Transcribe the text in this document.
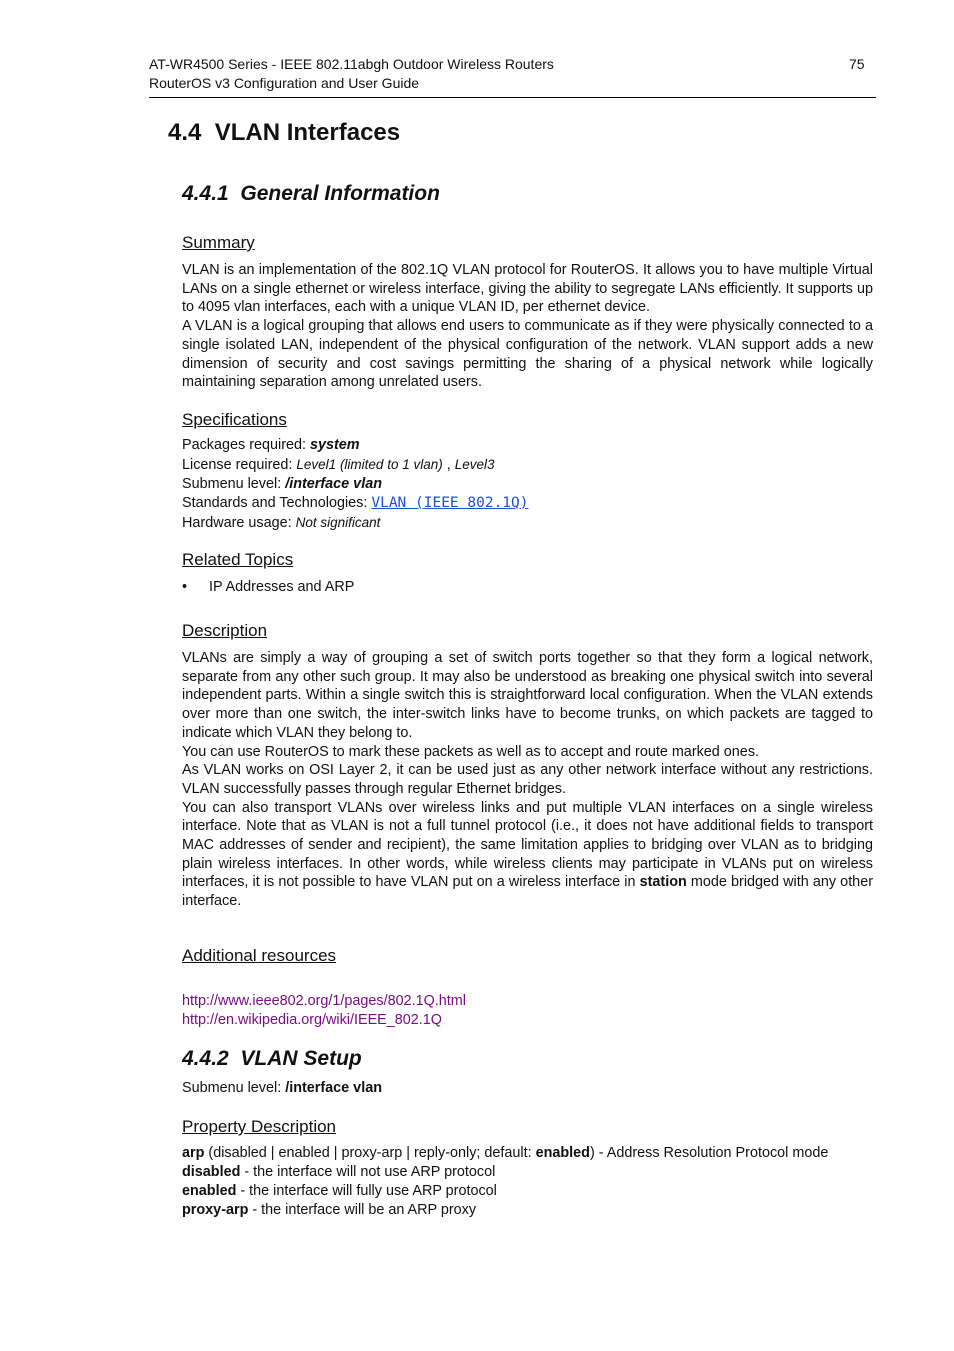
AT-WR4500 Series - IEEE 802.11abgh Outdoor Wireless Routers
RouterOS v3 Configuration and User Guide
75
4.4 VLAN Interfaces
4.4.1 General Information
Summary

VLAN is an implementation of the 802.1Q VLAN protocol for RouterOS. It allows you to have multiple Virtual LANs on a single ethernet or wireless interface, giving the ability to segregate LANs efficiently. It supports up to 4095 vlan interfaces, each with a unique VLAN ID, per ethernet device.

A VLAN is a logical grouping that allows end users to communicate as if they were physically connected to a single isolated LAN, independent of the physical configuration of the network. VLAN support adds a new dimension of security and cost savings permitting the sharing of a physical network while logically maintaining separation among unrelated users.

Specifications
Packages required: system
License required: Level1 (limited to 1 vlan) , Level3
Submenu level: /interface vlan
Standards and Technologies: VLAN (IEEE 802.1Q)
Hardware usage: Not significant
Related Topics
• IP Addresses and ARP
Description

VLANs are simply a way of grouping a set of switch ports together so that they form a logical network, separate from any other such group. It may also be understood as breaking one physical switch into several independent parts. Within a single switch this is straightforward local configuration. When the VLAN extends over more than one switch, the inter-switch links have to become trunks, on which packets are tagged to indicate which VLAN they belong to.

You can use RouterOS to mark these packets as well as to accept and route marked ones.

As VLAN works on OSI Layer 2, it can be used just as any other network interface without any restrictions. VLAN successfully passes through regular Ethernet bridges.

You can also transport VLANs over wireless links and put multiple VLAN interfaces on a single wireless interface. Note that as VLAN is not a full tunnel protocol (i.e., it does not have additional fields to transport MAC addresses of sender and recipient), the same limitation applies to bridging over VLAN as to bridging plain wireless interfaces. In other words, while wireless clients may participate in VLANs put on wireless interfaces, it is not possible to have VLAN put on a wireless interface in station mode bridged with any other interface.

Additional resources
http://www.ieee802.org/1/pages/802.1Q.html
http://en.wikipedia.org/wiki/IEEE_802.1Q
4.4.2 VLAN Setup
Submenu level: /interface vlan
Property Description
arp (disabled | enabled | proxy-arp | reply-only; default: enabled) - Address Resolution Protocol mode
disabled - the interface will not use ARP protocol
enabled - the interface will fully use ARP protocol
proxy-arp - the interface will be an ARP proxy
